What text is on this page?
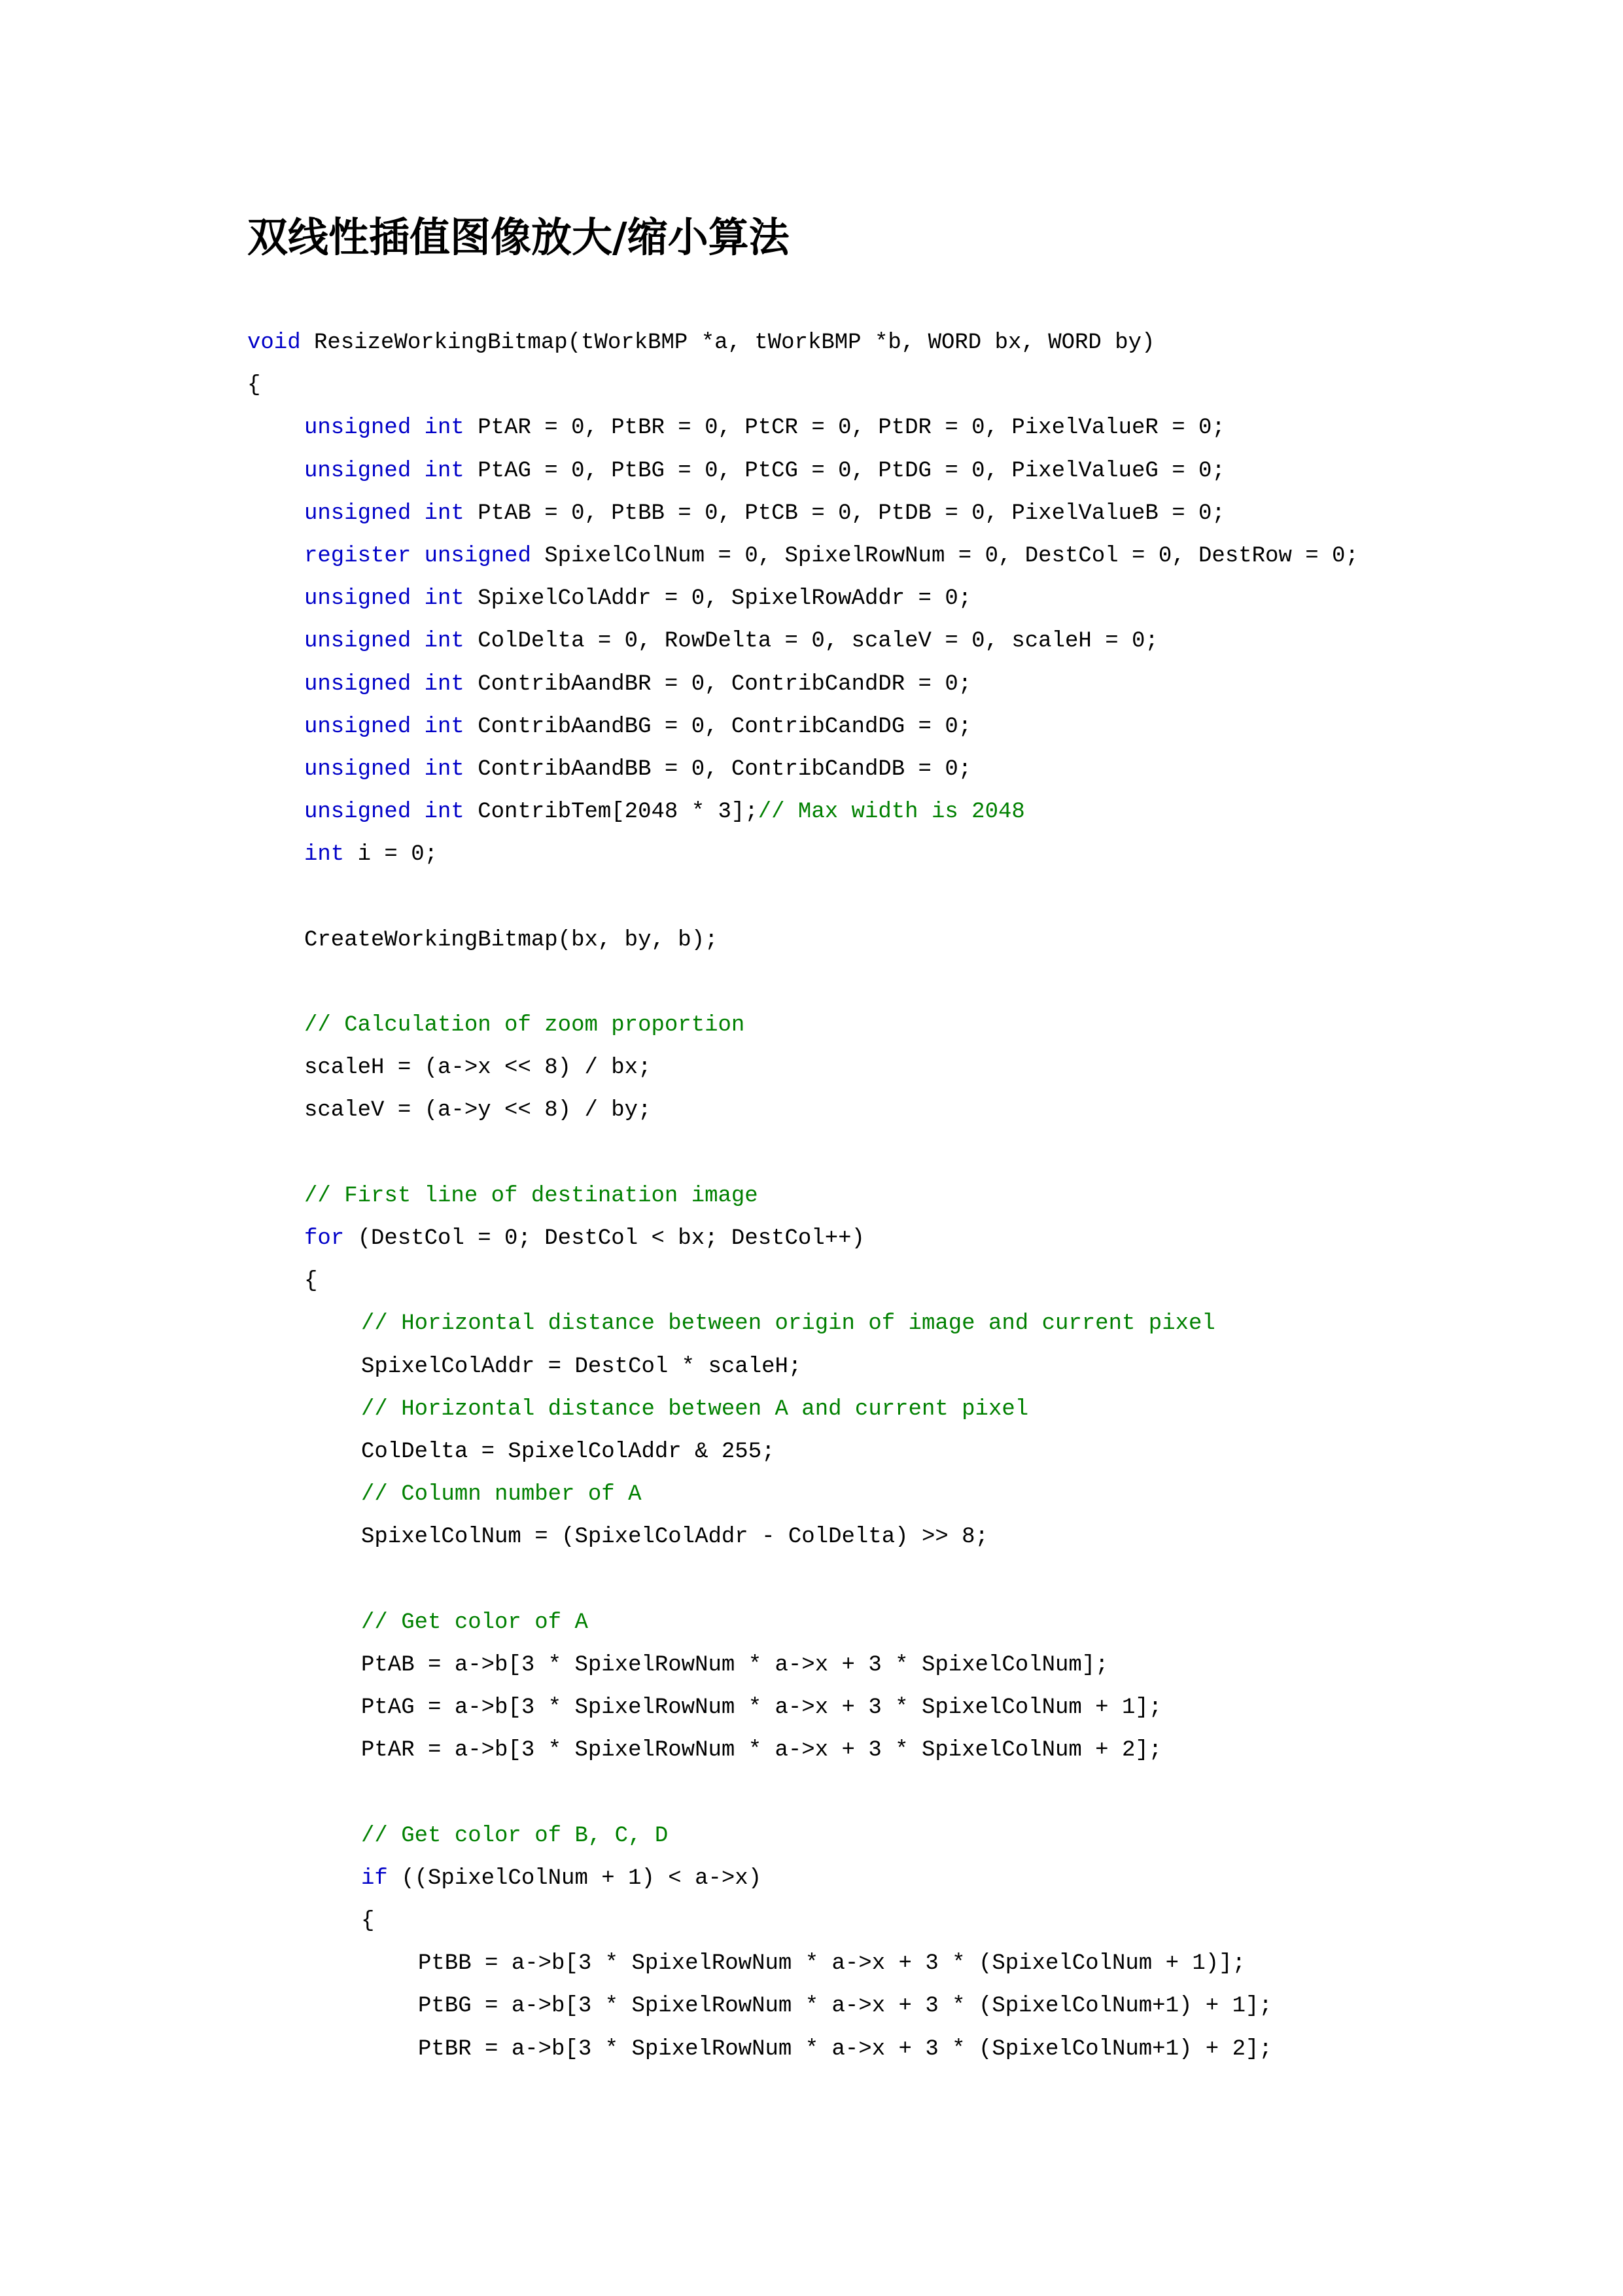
双线性插值图像放大/缩小算法
void ResizeWorkingBitmap(tWorkBMP *a, tWorkBMP *b, WORD bx, WORD by)
{
unsigned int PtAR = 0, PtBR = 0, PtCR = 0, PtDR = 0, PixelValueR = 0;
unsigned int PtAG = 0, PtBG = 0, PtCG = 0, PtDG = 0, PixelValueG = 0;
unsigned int PtAB = 0, PtBB = 0, PtCB = 0, PtDB = 0, PixelValueB = 0;
register unsigned SpixelColNum = 0, SpixelRowNum = 0, DestCol = 0, DestRow = 0;
unsigned int SpixelColAddr = 0, SpixelRowAddr = 0;
unsigned int ColDelta = 0, RowDelta = 0, scaleV = 0, scaleH = 0;
unsigned int ContribAandBR = 0, ContribCandDR = 0;
unsigned int ContribAandBG = 0, ContribCandDG = 0;
unsigned int ContribAandBB = 0, ContribCandDB = 0;
unsigned int ContribTem[2048 * 3];// Max width is 2048
int i = 0;
CreateWorkingBitmap(bx, by, b);
// Calculation of zoom proportion
scaleH = (a->x << 8) / bx;
scaleV = (a->y << 8) / by;
// First line of destination image
for (DestCol = 0; DestCol < bx; DestCol++)
{
// Horizontal distance between origin of image and current pixel
SpixelColAddr = DestCol * scaleH;
// Horizontal distance between A and current pixel
ColDelta = SpixelColAddr & 255;
// Column number of A
SpixelColNum = (SpixelColAddr - ColDelta) >> 8;
// Get color of A
PtAB = a->b[3 * SpixelRowNum * a->x + 3 * SpixelColNum];
PtAG = a->b[3 * SpixelRowNum * a->x + 3 * SpixelColNum + 1];
PtAR = a->b[3 * SpixelRowNum * a->x + 3 * SpixelColNum + 2];
// Get color of B, C, D
if ((SpixelColNum + 1) < a->x)
{
PtBB = a->b[3 * SpixelRowNum * a->x + 3 * (SpixelColNum + 1)];
PtBG = a->b[3 * SpixelRowNum * a->x + 3 * (SpixelColNum+1) + 1];
PtBR = a->b[3 * SpixelRowNum * a->x + 3 * (SpixelColNum+1) + 2];
